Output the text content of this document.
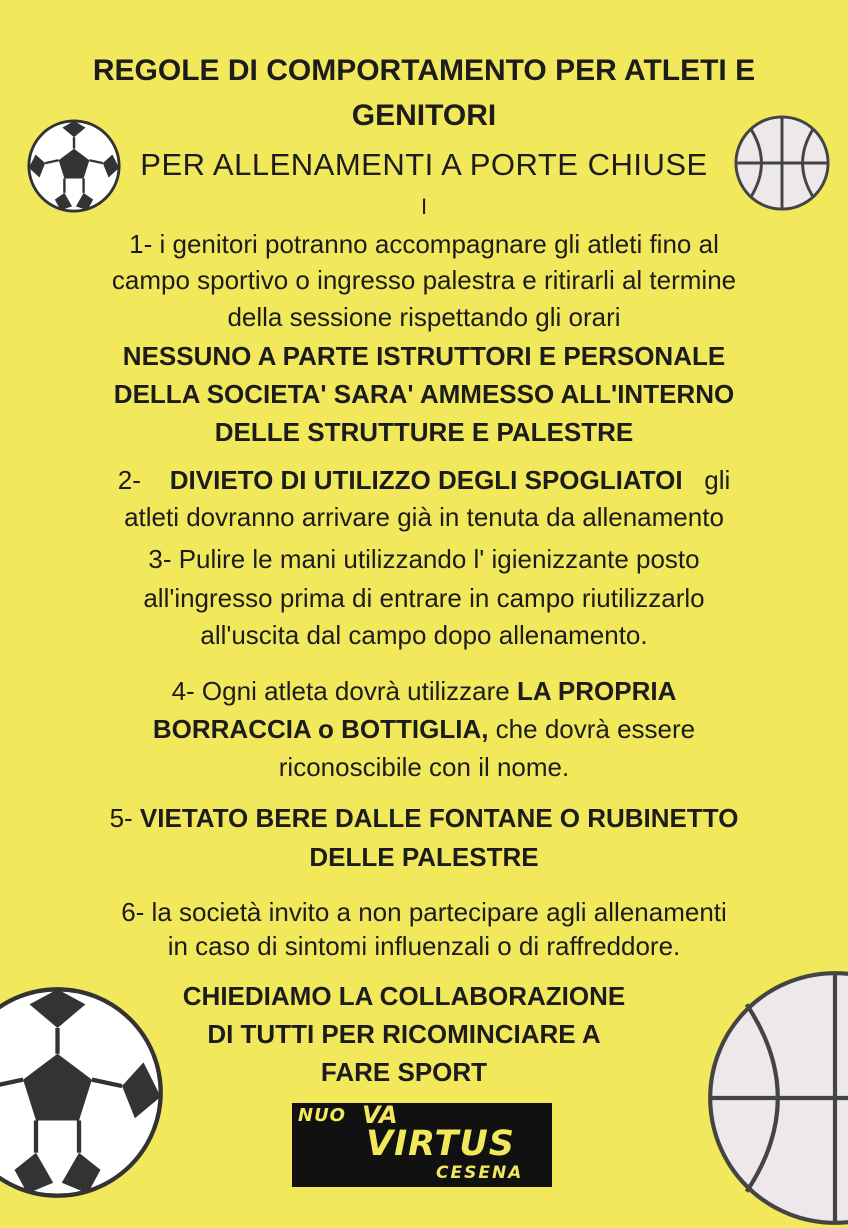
REGOLE DI COMPORTAMENTO PER ATLETI E
GENITORI
PER ALLENAMENTI A PORTE CHIUSE
I
1- i genitori potranno accompagnare gli atleti fino al
campo sportivo o ingresso palestra e ritirarli al termine
della sessione rispettando gli orari
NESSUNO A PARTE ISTRUTTORI E PERSONALE
DELLA SOCIETA' SARA' AMMESSO ALL'INTERNO
DELLE STRUTTURE E PALESTRE
2- DIVIETO DI UTILIZZO DEGLI SPOGLIATOI gli
atleti dovranno arrivare già in tenuta da allenamento
3- Pulire le mani utilizzando l' igienizzante posto
all'ingresso prima di entrare in campo riutilizzarlo
all'uscita dal campo dopo allenamento.
4- Ogni atleta dovrà utilizzare LA PROPRIA
BORRACCIA o BOTTIGLIA, che dovrà essere
riconoscibile con il nome.
5- VIETATO BERE DALLE FONTANE O RUBINETTO
DELLE PALESTRE
6- la società invito a non partecipare agli allenamenti
in caso di sintomi influenzali o di raffreddore.
CHIEDIAMO LA COLLABORAZIONE
DI TUTTI PER RICOMINCIARE A
FARE SPORT
NUO VA
VIRTUS
CESENA
